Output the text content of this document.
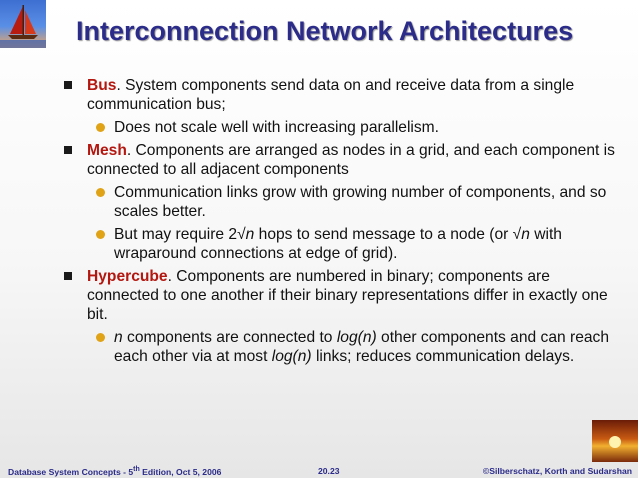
Interconnection Network Architectures
Bus. System components send data on and receive data from a single communication bus;
Does not scale well with increasing parallelism.
Mesh. Components are arranged as nodes in a grid, and each component is connected to all adjacent components
Communication links grow with growing number of components, and so scales better.
But may require 2√n hops to send message to a node (or √n with wraparound connections at edge of grid).
Hypercube. Components are numbered in binary; components are connected to one another if their binary representations differ in exactly one bit.
n components are connected to log(n) other components and can reach each other via at most log(n) links; reduces communication delays.
Database System Concepts - 5th Edition, Oct 5, 2006	20.23	©Silberschatz, Korth and Sudarshan
